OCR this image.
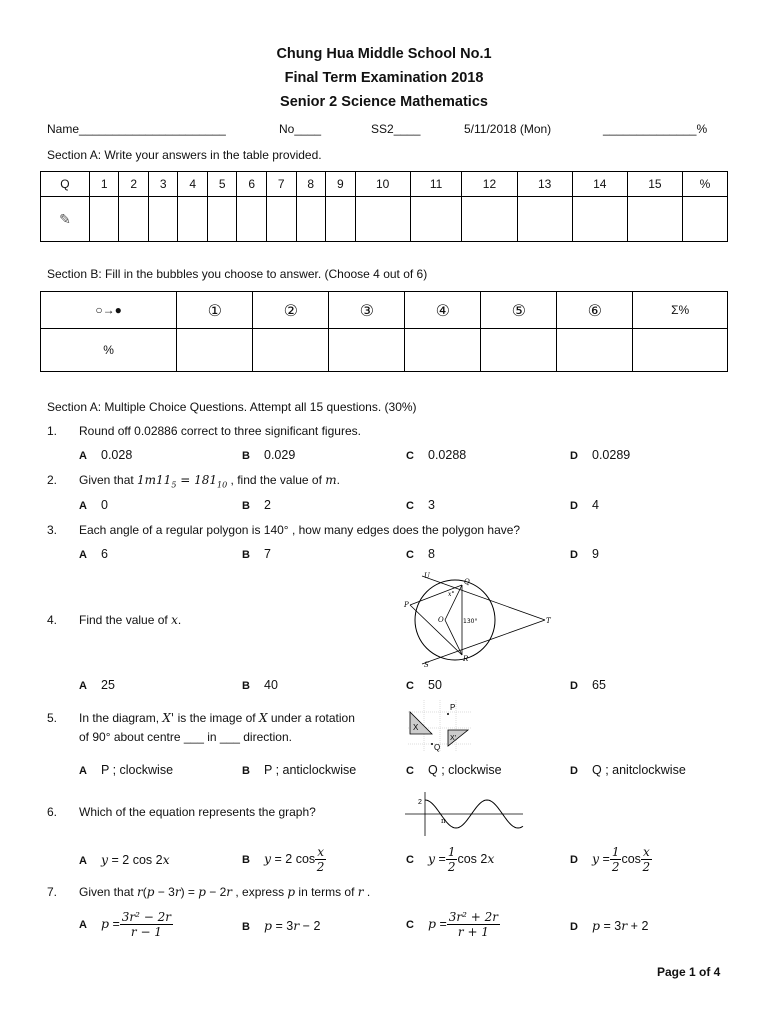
Chung Hua Middle School No.1
Final Term Examination 2018
Senior 2 Science Mathematics
Name______________________	No____	SS2____	5/11/2018 (Mon)	______________%
Section A: Write your answers in the table provided.
Q	1	2	3	4	5	6	7	8	9	10	11	12	13	14	15	%
✎																
Section B: Fill in the bubbles you choose to answer. (Choose 4 out of 6)
○→●	①	②	③	④	⑤	⑥	Σ%
%							
Section A: Multiple Choice Questions. Attempt all 15 questions. (30%)
1. Round off 0.02886 correct to three significant figures.
2. Given that $1m11_5 = 181_{10}$ , find the value of m.
3. Each angle of a regular polygon is 140° , how many edges does the polygon have?
4. Find the value of x.
U
Q
P
x°
O	130°	T
R
S
5. In the diagram, X' is the image of X under a rotation
of 90° about centre ___ in ___ direction.
P
X
Q
X'
6. Which of the equation represents the graph?
2
π
A y = 2 cos 2x	B y = 2 $\cos \frac{x}{2}$	C $y = \frac{1}{2}$ cos 2x	D $y = \frac{1}{2}$ $\cos \frac{x}{2}$
7. Given that r(p − 3r) = p − 2r , express p in terms of r .
A $p = \frac{\text{3r² − 2r}}{r - 1}$	B p = 3r − 2	C $p = \frac{\text{3r² + 2r}}{r + 1}$	D p = 3r + 2
Page 1 of 4
A 0.028	B 0.029	C 0.0288	D 0.0289
A 0	B 2	C 3	D 4
A 6	B 7	C 8	D 9
A 25	B 40	C 50	D 65
A P ; clockwise	B P ; anticlockwise	C Q ; clockwise	D Q ; anitclockwise
